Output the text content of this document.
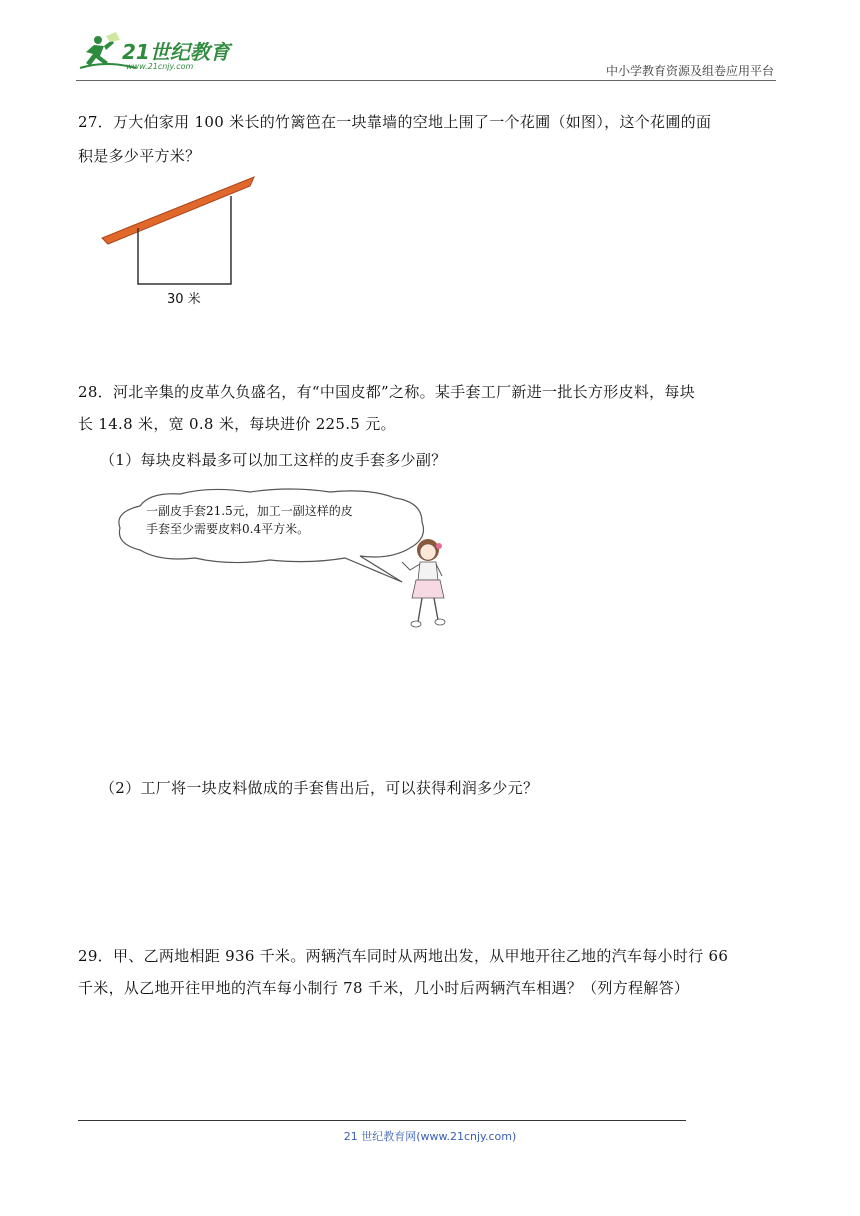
21世纪教育
www.21cnjy.com	中小学教育资源及组卷应用平台
27．万大伯家用 100 米长的竹篱笆在一块靠墙的空地上围了一个花圃（如图），这个花圃的面
积是多少平方米？
30 米
28．河北辛集的皮革久负盛名，有“中国皮都”之称。某手套工厂新进一批长方形皮料，每块
长 14.8 米，宽 0.8 米，每块进价 225.5 元。
（1）每块皮料最多可以加工这样的皮手套多少副？
一副皮手套21.5元，加工一副这样的皮
手套至少需要皮料0.4平方米。
（2）工厂将一块皮料做成的手套售出后，可以获得利润多少元？
29．甲、乙两地相距 936 千米。两辆汽车同时从两地出发，从甲地开往乙地的汽车每小时行 66
千米，从乙地开往甲地的汽车每小制行 78 千米，几小时后两辆汽车相遇？（列方程解答）
21 世纪教育网(www.21cnjy.com)
